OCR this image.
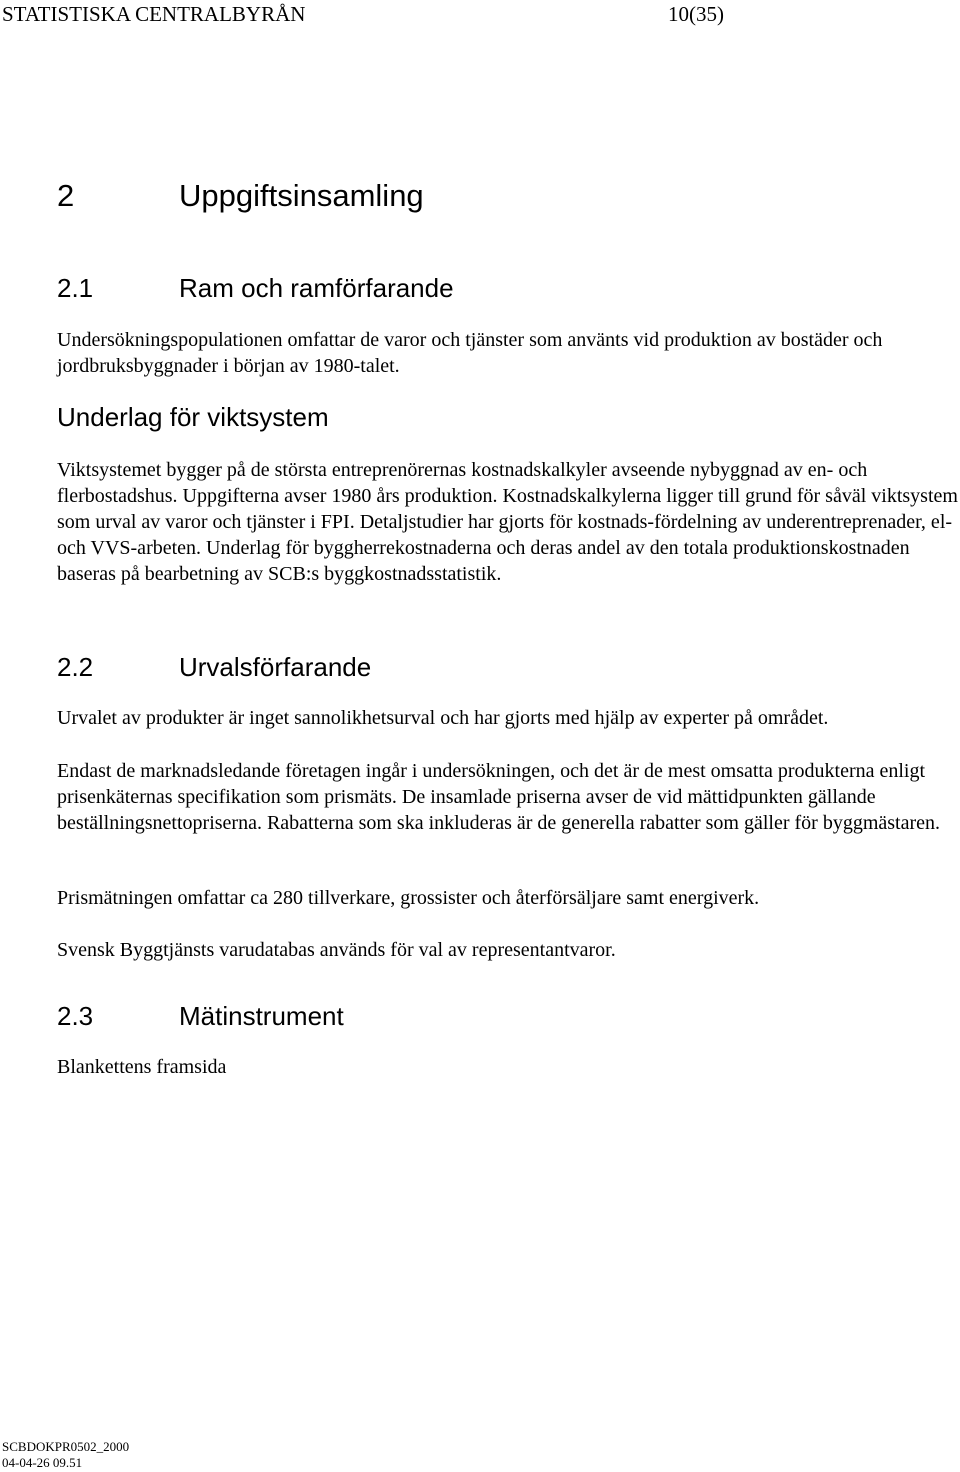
STATISTISKA CENTRALBYRÅN	10(35)
2	Uppgiftsinsamling
2.1	Ram och ramförfarande
Undersökningspopulationen omfattar de varor och tjänster som använts vid produktion av bostäder och jordbruksbyggnader i början av 1980-talet.
Underlag för viktsystem
Viktsystemet bygger på de största entreprenörernas kostnadskalkyler avseende nybyggnad av en- och flerbostadshus. Uppgifterna avser 1980 års produktion. Kostnadskalkylerna ligger till grund för såväl viktsystem som urval av varor och tjänster i FPI. Detaljstudier har gjorts för kostnads-fördelning av underentreprenader, el- och VVS-arbeten. Underlag för byggherrekostnaderna och deras andel av den totala produktionskostnaden baseras på bearbetning av SCB:s byggkostnadsstatistik.
2.2	Urvalsförfarande
Urvalet av produkter är inget sannolikhetsurval och har gjorts med hjälp av experter på området.
Endast de marknadsledande företagen ingår i undersökningen, och det är de mest omsatta produkterna enligt prisenkäternas specifikation som prismäts. De insamlade priserna avser de vid mättidpunkten gällande beställningsnettopriserna. Rabatterna som ska inkluderas är de generella rabatter som gäller för byggmästaren.
Prismätningen omfattar ca 280 tillverkare, grossister och återförsäljare samt energiverk.
Svensk Byggtjänsts varudatabas används för val av representantvaror.
2.3	Mätinstrument
Blankettens framsida
SCBDOKPR0502_2000
04-04-26 09.51
